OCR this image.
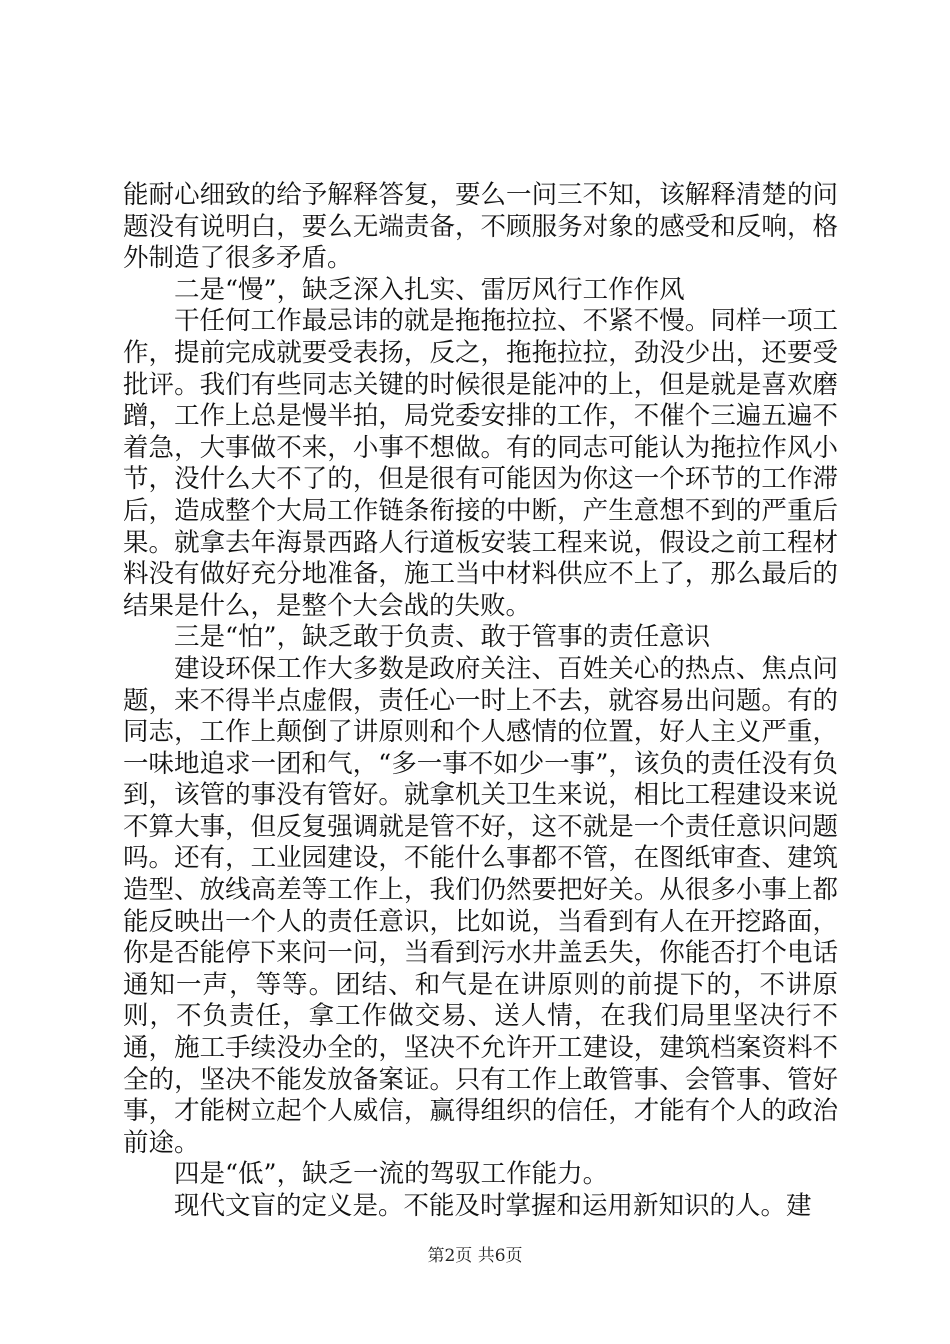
能耐心细致的给予解释答复，要么一问三不知，该解释清楚的问题没有说明白，要么无端责备，不顾服务对象的感受和反响，格外制造了很多矛盾。

二是“慢”，缺乏深入扎实、雷厉风行工作作风

干任何工作最忌讳的就是拖拖拉拉、不紧不慢。同样一项工作，提前完成就要受表扬，反之，拖拖拉拉，劲没少出，还要受批评。我们有些同志关键的时候很是能冲的上，但是就是喜欢磨蹭，工作上总是慢半拍，局党委安排的工作，不催个三遍五遍不着急，大事做不来，小事不想做。有的同志可能认为拖拉作风小节，没什么大不了的，但是很有可能因为你这一个环节的工作滞后，造成整个大局工作链条衔接的中断，产生意想不到的严重后果。就拿去年海景西路人行道板安装工程来说，假设之前工程材料没有做好充分地准备，施工当中材料供应不上了，那么最后的结果是什么，是整个大会战的失败。

三是“怕”，缺乏敢于负责、敢于管事的责任意识

建设环保工作大多数是政府关注、百姓关心的热点、焦点问题，来不得半点虚假，责任心一时上不去，就容易出问题。有的同志，工作上颠倒了讲原则和个人感情的位置，好人主义严重，一味地追求一团和气，“多一事不如少一事”，该负的责任没有负到，该管的事没有管好。就拿机关卫生来说，相比工程建设来说不算大事，但反复强调就是管不好，这不就是一个责任意识问题吗。还有，工业园建设，不能什么事都不管，在图纸审查、建筑造型、放线高差等工作上，我们仍然要把好关。从很多小事上都能反映出一个人的责任意识，比如说，当看到有人在开挖路面，你是否能停下来问一问，当看到污水井盖丢失，你能否打个电话通知一声，等等。团结、和气是在讲原则的前提下的，不讲原则，不负责任，拿工作做交易、送人情，在我们局里坚决行不通，施工手续没办全的，坚决不允许开工建设，建筑档案资料不全的，坚决不能发放备案证。只有工作上敢管事、会管事、管好事，才能树立起个人威信，赢得组织的信任，才能有个人的政治前途。

四是“低”，缺乏一流的驾驭工作能力。

现代文盲的定义是。不能及时掌握和运用新知识的人。建

第2页 共6页
